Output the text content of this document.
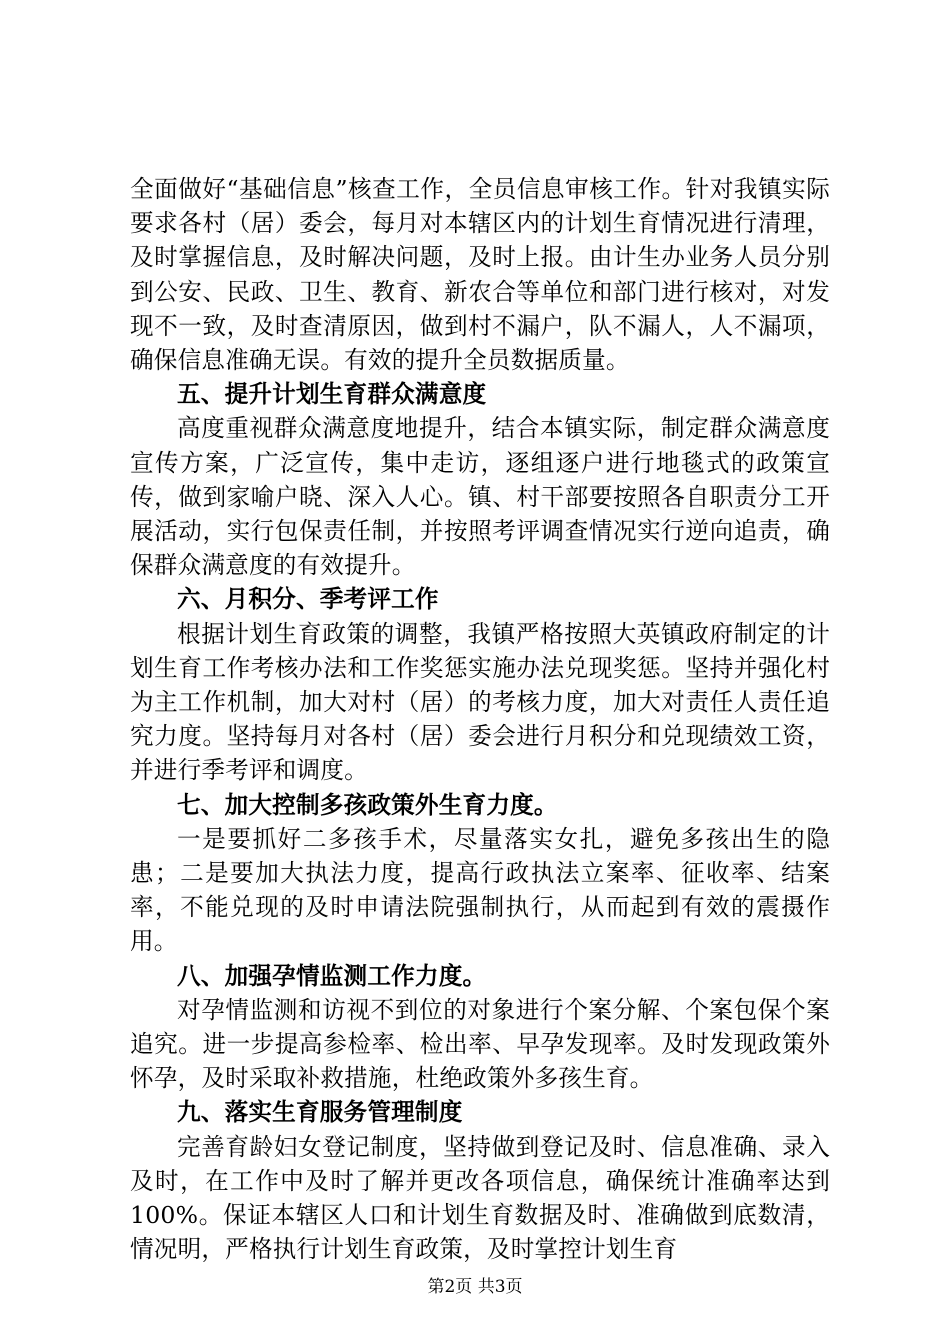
全面做好“基础信息”核查工作，全员信息审核工作。针对我镇实际要求各村（居）委会，每月对本辖区内的计划生育情况进行清理，及时掌握信息，及时解决问题，及时上报。由计生办业务人员分别到公安、民政、卫生、教育、新农合等单位和部门进行核对，对发现不一致，及时查清原因，做到村不漏户，队不漏人，人不漏项，确保信息准确无误。有效的提升全员数据质量。

五、提升计划生育群众满意度

高度重视群众满意度地提升，结合本镇实际，制定群众满意度宣传方案，广泛宣传，集中走访，逐组逐户进行地毯式的政策宣传，做到家喻户晓、深入人心。镇、村干部要按照各自职责分工开展活动，实行包保责任制，并按照考评调查情况实行逆向追责，确保群众满意度的有效提升。

六、月积分、季考评工作

根据计划生育政策的调整，我镇严格按照大英镇政府制定的计划生育工作考核办法和工作奖惩实施办法兑现奖惩。坚持并强化村为主工作机制，加大对村（居）的考核力度，加大对责任人责任追究力度。坚持每月对各村（居）委会进行月积分和兑现绩效工资，并进行季考评和调度。

七、加大控制多孩政策外生育力度。

一是要抓好二多孩手术，尽量落实女扎，避免多孩出生的隐患；二是要加大执法力度，提高行政执法立案率、征收率、结案率，不能兑现的及时申请法院强制执行，从而起到有效的震摄作用。

八、加强孕情监测工作力度。

对孕情监测和访视不到位的对象进行个案分解、个案包保个案追究。进一步提高参检率、检出率、早孕发现率。及时发现政策外怀孕，及时采取补救措施，杜绝政策外多孩生育。

九、落实生育服务管理制度

完善育龄妇女登记制度，坚持做到登记及时、信息准确、录入及时，在工作中及时了解并更改各项信息，确保统计准确率达到100%。保证本辖区人口和计划生育数据及时、准确做到底数清，情况明，严格执行计划生育政策，及时掌控计划生育

第2页 共3页
